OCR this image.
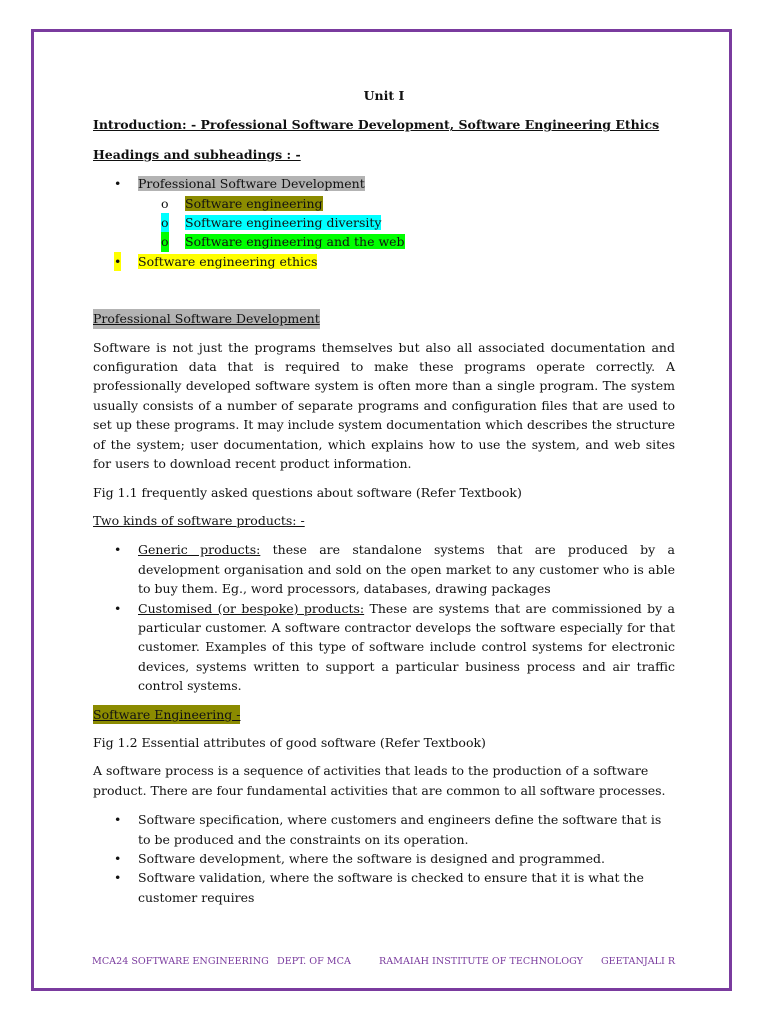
Unit I

Introduction: - Professional Software Development, Software Engineering Ethics

Headings and subheadings : -

• Professional Software Development
o Software engineering
o Software engineering diversity
o Software engineering and the web
• Software engineering ethics

Professional Software Development

Software is not just the programs themselves but also all associated documentation and configuration data that is required to make these programs operate correctly. A professionally developed software system is often more than a single program. The system usually consists of a number of separate programs and configuration files that are used to set up these programs. It may include system documentation which describes the structure of the system; user documentation, which explains how to use the system, and web sites for users to download recent product information.

Fig 1.1 frequently asked questions about software (Refer Textbook)

Two kinds of software products: -

• Generic products: these are standalone systems that are produced by a development organisation and sold on the open market to any customer who is able to buy them. Eg., word processors, databases, drawing packages
• Customised (or bespoke) products: These are systems that are commissioned by a particular customer. A software contractor develops the software especially for that customer. Examples of this type of software include control systems for electronic devices, systems written to support a particular business process and air traffic control systems.

Software Engineering -

Fig 1.2 Essential attributes of good software (Refer Textbook)

A software process is a sequence of activities that leads to the production of a software product. There are four fundamental activities that are common to all software processes.

• Software specification, where customers and engineers define the software that is to be produced and the constraints on its operation.
• Software development, where the software is designed and programmed.
• Software validation, where the software is checked to ensure that it is what the customer requires
MCA24 SOFTWARE ENGINEERING DEPT. OF MCA	RAMAIAH INSTITUTE OF TECHNOLOGY GEETANJALI R
